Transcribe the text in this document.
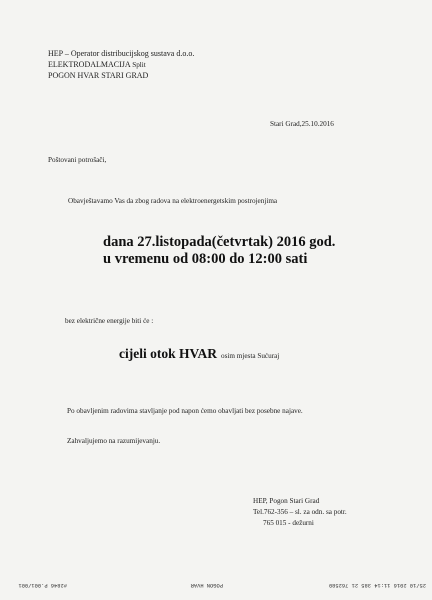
HEP – Operator distribucijskog sustava d.o.o.
ELEKTRODALMACIJA Split
POGON HVAR STARI GRAD
Stari Grad,25.10.2016
Poštovani potrošači,
Obavještavamo Vas da zbog radova na elektroenergetskim postrojenjima
dana 27.listopada(četvrtak) 2016 god.
u vremenu od 08:00 do 12:00 sati
bez električne energije biti će :
cijeli otok HVAR osim mjesta Sućuraj
Po obavljenim radovima stavljanje pod napon ćemo obavljati bez posebne najave.
Zahvaljujemo na razumijevanju.
HEP, Pogon Stari Grad
Tel.762-356 – sl. za odn. sa potr.
765 015 - dežurni
25/10 2016 11:14 385 21 762580
POGON HVAR
#2846 P.001/001
